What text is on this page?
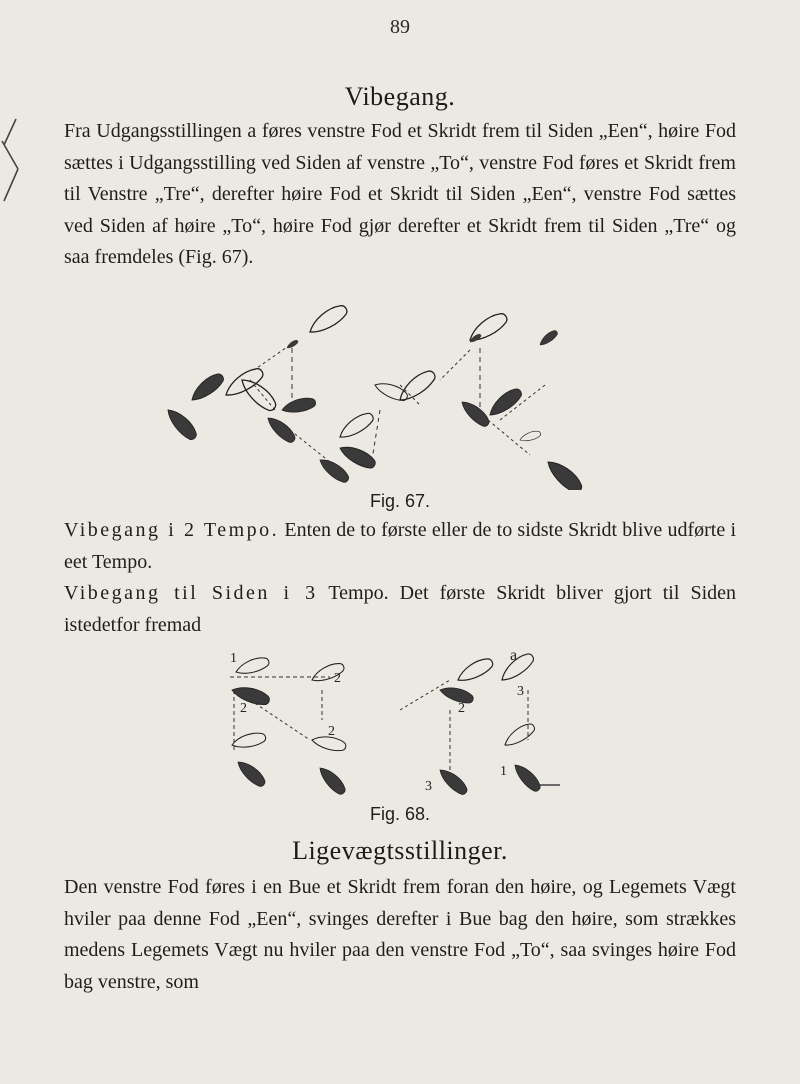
89
Vibegang.

Fra Udgangsstillingen a føres venstre Fod et Skridt frem til Siden „Een“, høire Fod sættes i Udgangsstilling ved Siden af venstre „To“, venstre Fod føres et Skridt frem til Venstre „Tre“, derefter høire Fod et Skridt til Siden „Een“, venstre Fod sættes ved Siden af høire „To“, høire Fod gjør derefter et Skridt frem til Siden „Tre“ og saa fremdeles (Fig. 67).

Fig. 67.

Vibegang i 2 Tempo. Enten de to første eller de to sidste Skridt blive udførte i eet Tempo.

Vibegang til Siden i 3 Tempo. Det første Skridt bliver gjort til Siden istedetfor fremad

1
2
2
2
a
3
2
3
1
Fig. 68.
Ligevægtsstillinger.

Den venstre Fod føres i en Bue et Skridt frem foran den høire, og Legemets Vægt hviler paa denne Fod „Een“, svinges derefter i Bue bag den høire, som strækkes medens Legemets Vægt nu hviler paa den venstre Fod „To“, saa svinges høire Fod bag venstre, som
